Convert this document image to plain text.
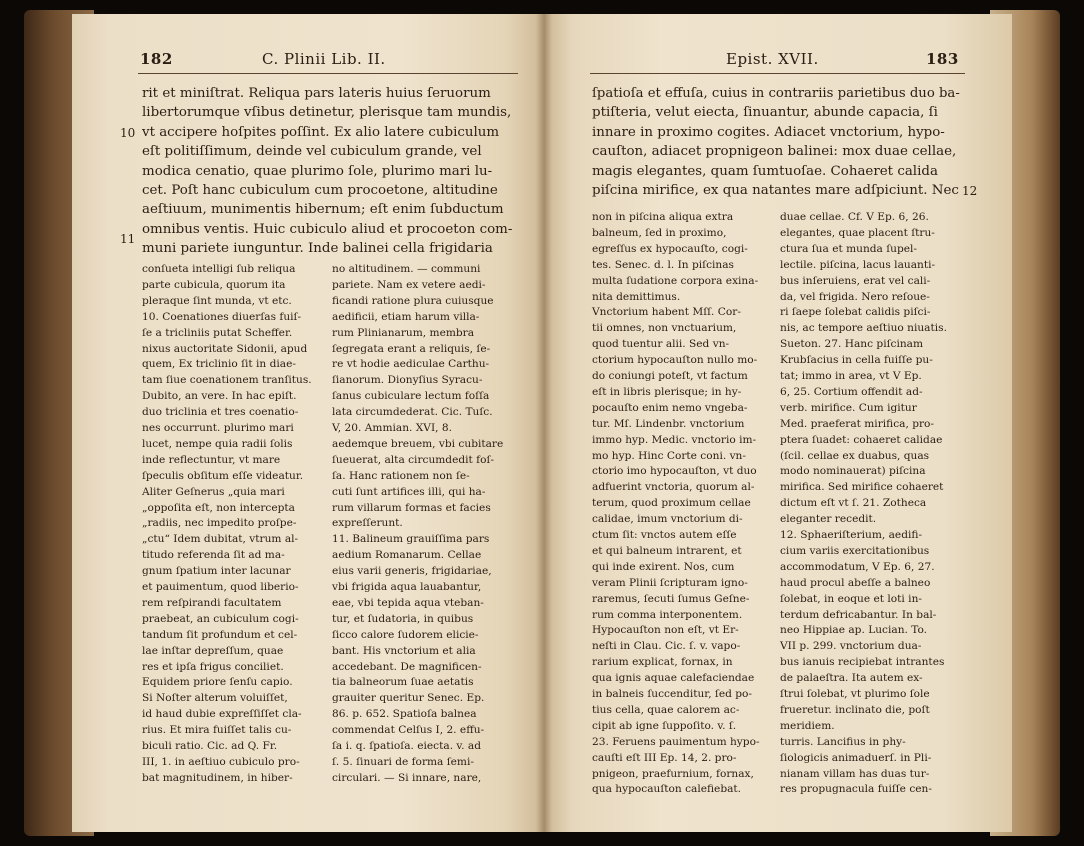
182	C. Plinii Lib. II.	Epist. XVII.	183
rit et miniſtrat. Reliqua pars lateris huius ſeruorum
libertorumque vſibus detinetur, plerisque tam mundis,
vt accipere hoſpites poſſint. Ex alio latere cubiculum
eſt politiſſimum, deinde vel cubiculum grande, vel
modica cenatio, quae plurimo ſole, plurimo mari lu-
cet. Poſt hanc cubiculum cum procoetone, altitudine
aeſtiuum, munimentis hibernum; eſt enim ſubductum
omnibus ventis. Huic cubiculo aliud et procoeton com-
muni pariete iunguntur. Inde balinei cella frigidaria
conſueta intelligi ſub reliqua
parte cubicula, quorum ita
pleraque ſint munda, vt etc.
10. Coenationes diuerſas fuiſ-
ſe a tricliniis putat Scheffer.
nixus auctoritate Sidonii, apud
quem, Ex triclinio ſit in diae-
tam ſiue coenationem tranſitus.
Dubito, an vere. In hac epiſt.
duo triclinia et tres coenatio-
nes occurrunt. plurimo mari
lucet, nempe quia radii ſolis
inde reflectuntur, vt mare
ſpeculis obſitum eſſe videatur.
Aliter Geſnerus „quia mari
„oppoſita eſt, non intercepta
„radiis, nec impedito proſpe-
„ctu“ Idem dubitat, vtrum al-
titudo referenda ſit ad ma-
gnum ſpatium inter lacunar
et pauimentum, quod liberio-
rem reſpirandi facultatem
praebeat, an cubiculum cogi-
tandum ſit profundum et cel-
lae inſtar depreſſum, quae
res et ipſa frigus conciliet.
Equidem priore ſenſu capio.
Si Noſter alterum voluiſſet,
id haud dubie expreſſiſſet cla-
rius. Et mira fuiſſet talis cu-
biculi ratio. Cic. ad Q. Fr.
III, 1. in aeſtiuo cubiculo pro-
bat magnitudinem, in hiber-
no altitudinem. — communi
pariete. Nam ex vetere aedi-
ficandi ratione plura cuiusque
aedificii, etiam harum villa-
rum Plinianarum, membra
ſegregata erant a reliquis, ſe-
re vt hodie aediculae Carthu-
ſianorum. Dionyſius Syracu-
ſanus cubiculare lectum foſſa
lata circumdederat. Cic. Tuſc.
V, 20. Ammian. XVI, 8.
aedemque breuem, vbi cubitare
ſueuerat, alta circumdedit foſ-
ſa. Hanc rationem non ſe-
cuti ſunt artifices illi, qui ha-
rum villarum formas et facies
expreſſerunt.
11. Balineum grauiſſima pars
aedium Romanarum. Cellae
eius varii generis, frigidariae,
vbi frigida aqua lauabantur,
eae, vbi tepida aqua vteban-
tur, et ſudatoria, in quibus
ſicco calore ſudorem elicie-
bant. His vnctorium et alia
accedebant. De magnificen-
tia balneorum ſuae aetatis
grauiter queritur Senec. Ep.
86. p. 652. Spatioſa balnea
commendat Celſus I, 2. effu-
ſa i. q. ſpatioſa. eiecta. v. ad
ſ. 5. ſinuari de forma ſemi-
circulari. — Si innare, nare,
ſpatioſa et effuſa, cuius in contrariis parietibus duo ba-
ptiſteria, velut eiecta, ſinuantur, abunde capacia, ſi
innare in proximo cogites. Adiacet vnctorium, hypo-
cauſton, adiacet propnigeon balinei: mox duae cellae,
magis elegantes, quam ſumtuoſae. Cohaeret calida
piſcina mirifice, ex qua natantes mare adſpiciunt. Nec
non in piſcina aliqua extra
balneum, ſed in proximo,
egreſſus ex hypocauſto, cogi-
tes. Senec. d. l. In piſcinas
multa ſudatione corpora exina-
nita demittimus.
Vnctorium habent Mſſ. Cor-
tii omnes, non vnctuarium,
quod tuentur alii. Sed vn-
ctorium hypocauſton nullo mo-
do coniungi poteſt, vt factum
eſt in libris plerisque; in hy-
pocauſto enim nemo vngeba-
tur. Mſ. Lindenbr. vnctorium
immo hyp. Medic. vnctorio im-
mo hyp. Hinc Corte coni. vn-
ctorio imo hypocauſton, vt duo
adfuerint vnctoria, quorum al-
terum, quod proximum cellae
calidae, imum vnctorium di-
ctum ſit: vnctos autem eſſe
et qui balneum intrarent, et
qui inde exirent. Nos, cum
veram Plinii ſcripturam igno-
raremus, ſecuti ſumus Geſne-
rum comma interponentem.
Hypocauſton non eſt, vt Er-
neſti in Clau. Cic. ſ. v. vapo-
rarium explicat, fornax, in
qua ignis aquae calefaciendae
in balneis ſuccenditur, ſed po-
tius cella, quae calorem ac-
cipit ab igne ſuppoſito. v. ſ.
23. Feruens pauimentum hypo-
cauſti eſt III Ep. 14, 2. pro-
pnigeon, praefurnium, fornax,
qua hypocauſton calefiebat.
duae cellae. Cf. V Ep. 6, 26.
elegantes, quae placent ſtru-
ctura ſua et munda ſupel-
lectile. piſcina, lacus lauanti-
bus inſeruiens, erat vel cali-
da, vel frigida. Nero reſoue-
ri ſaepe ſolebat calidis piſci-
nis, ac tempore aeſtiuo niuatis.
Sueton. 27. Hanc piſcinam
Krubſacius in cella fuiſſe pu-
tat; immo in area, vt V Ep.
6, 25. Cortium offendit ad-
verb. mirifice. Cum igitur
Med. praeferat mirifica, pro-
ptera ſuadet: cohaeret calidae
(ſcil. cellae ex duabus, quas
modo nominauerat) piſcina
mirifica. Sed mirifice cohaeret
dictum eſt vt ſ. 21. Zotheca
eleganter recedit.
12. Sphaeriſterium, aedifi-
cium variis exercitationibus
accommodatum, V Ep. 6, 27.
haud procul abeſſe a balneo
ſolebat, in eoque et loti in-
terdum defricabantur. In bal-
neo Hippiae ap. Lucian. To.
VII p. 299. vnctorium dua-
bus ianuis recipiebat intrantes
de palaeſtra. Ita autem ex-
ſtrui ſolebat, vt plurimo ſole
frueretur. inclinato die, poſt
meridiem.
turris. Lancifius in phy-
ſiologicis animaduerſ. in Pli-
nianam villam has duas tur-
res propugnacula fuiſſe cen-
10
11
12
